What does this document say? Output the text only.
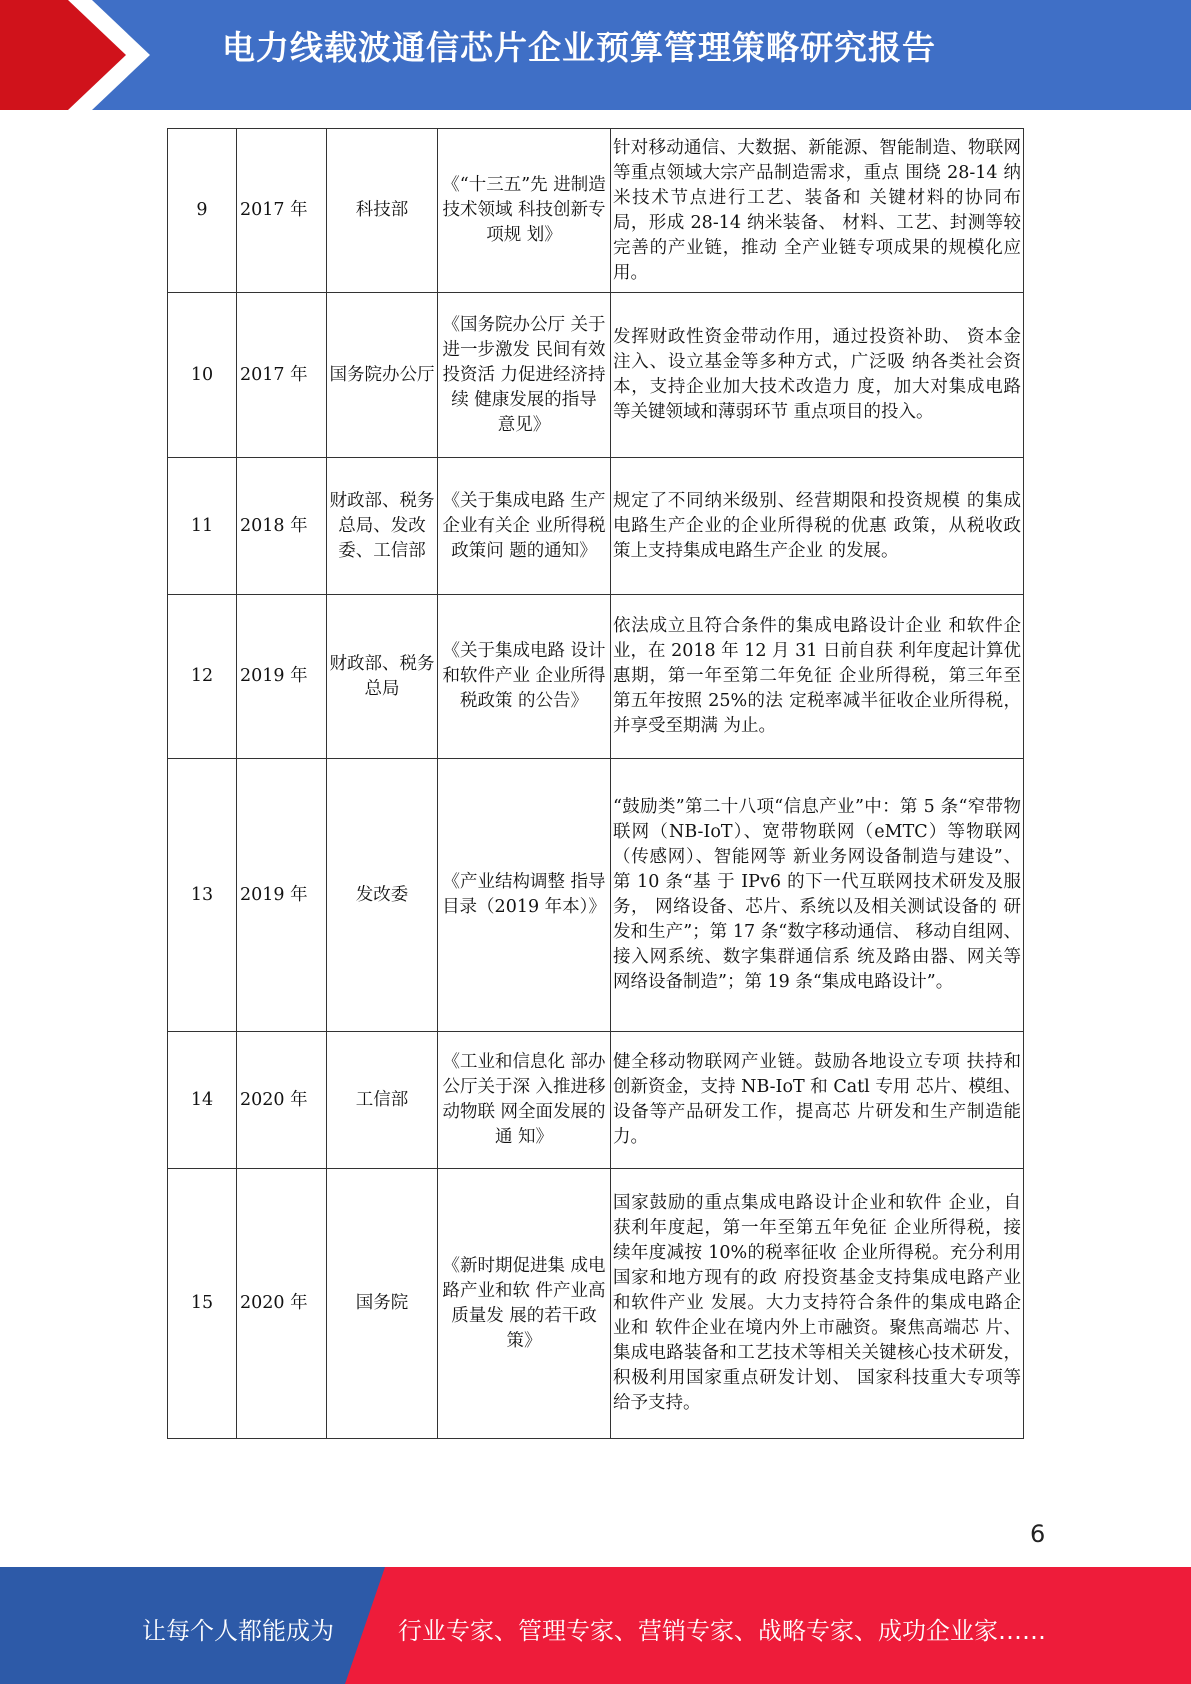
电力线载波通信芯片企业预算管理策略研究报告
9	2017 年	科技部	《“十三五”先 进制造技术领域 科技创新专项规 划》	针对移动通信、大数据、新能源、智能制造、物联网等重点领域大宗产品制造需求，重点 围绕 28-14 纳米技术节点进行工艺、装备和 关键材料的协同布局，形成 28-14 纳米装备、 材料、工艺、封测等较完善的产业链，推动 全产业链专项成果的规模化应用。
10	2017 年	国务院办公厅	《国务院办公厅 关于进一步激发 民间有效投资活 力促进经济持续 健康发展的指导 意见》	发挥财政性资金带动作用，通过投资补助、 资本金注入、设立基金等多种方式，广泛吸 纳各类社会资本，支持企业加大技术改造力 度，加大对集成电路等关键领域和薄弱环节 重点项目的投入。
11	2018 年	财政部、税务总局、发改委、工信部	《关于集成电路 生产企业有关企 业所得税政策问 题的通知》	规定了不同纳米级别、经营期限和投资规模 的集成电路生产企业的企业所得税的优惠 政策，从税收政策上支持集成电路生产企业 的发展。
12	2019 年	财政部、税务总局	《关于集成电路 设计和软件产业 企业所得税政策 的公告》	依法成立且符合条件的集成电路设计企业 和软件企业，在 2018 年 12 月 31 日前自获 利年度起计算优惠期，第一年至第二年免征 企业所得税，第三年至第五年按照 25%的法 定税率减半征收企业所得税，并享受至期满 为止。
13	2019 年	发改委	《产业结构调整 指导目录（2019 年本）》	“鼓励类”第二十八项“信息产业”中：第 5 条“窄带物联网（NB-IoT）、宽带物联网（eMTC）等物联网（传感网）、智能网等 新业务网设备制造与建设”、第 10 条“基 于 IPv6 的下一代互联网技术研发及服务， 网络设备、芯片、系统以及相关测试设备的 研发和生产”；第 17 条“数字移动通信、 移动自组网、接入网系统、数字集群通信系 统及路由器、网关等网络设备制造”；第 19 条“集成电路设计”。
14	2020 年	工信部	《工业和信息化 部办公厅关于深 入推进移动物联 网全面发展的通 知》	健全移动物联网产业链。鼓励各地设立专项 扶持和创新资金，支持 NB-IoT 和 Catl 专用 芯片、模组、设备等产品研发工作，提高芯 片研发和生产制造能力。
15	2020 年	国务院	《新时期促进集 成电路产业和软 件产业高质量发 展的若干政策》	国家鼓励的重点集成电路设计企业和软件 企业，自获利年度起，第一年至第五年免征 企业所得税，接续年度减按 10%的税率征收 企业所得税。充分利用国家和地方现有的政 府投资基金支持集成电路产业和软件产业 发展。大力支持符合条件的集成电路企业和 软件企业在境内外上市融资。聚焦高端芯 片、集成电路装备和工艺技术等相关关键核心技术研发，积极利用国家重点研发计划、 国家科技重大专项等给予支持。
6
让每个人都能成为	行业专家、管理专家、营销专家、战略专家、成功企业家……
